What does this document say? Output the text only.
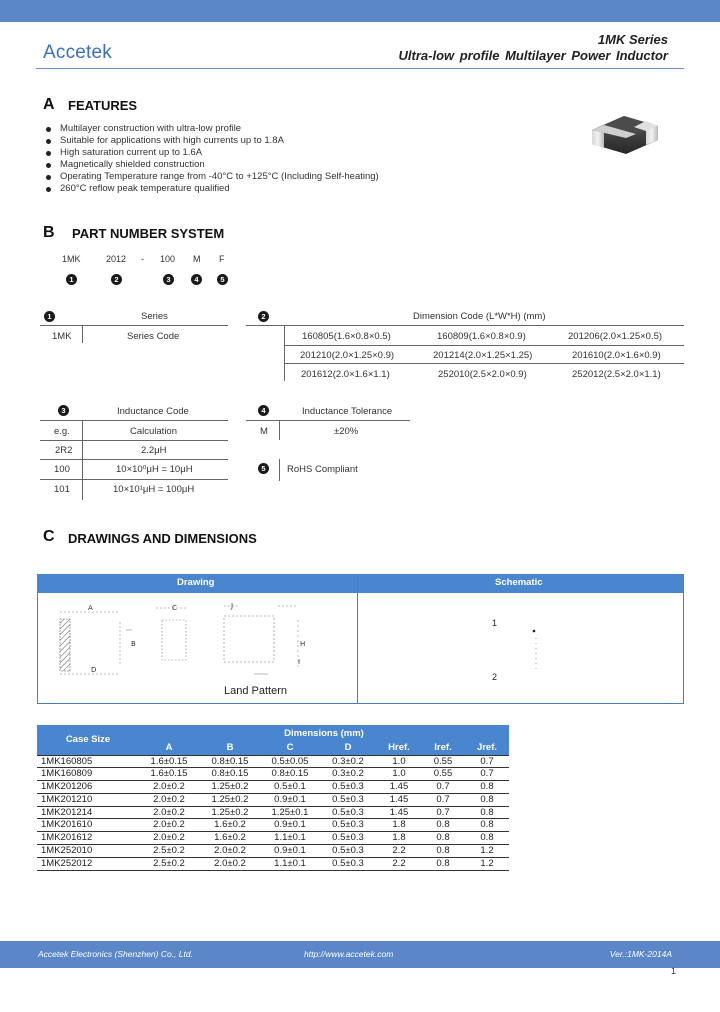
Accetek
1MK Series
Ultra-low profile Multilayer Power Inductor
A FEATURES
Multilayer construction with ultra-low profile
Suitable for applications with high currents up to 1.8A
High saturation current up to 1.6A
Magnetically shielded construction
Operating Temperature range from -40°C to +125°C (Including Self-heating)
260°C reflow peak temperature qualified
B PART NUMBER SYSTEM
1MK	2012 - 100 M F
1	2	3	4	5
1	Series
1MK	Series Code
2	Dimension Code (L*W*H) (mm)
160805(1.6×0.8×0.5)	160809(1.6×0.8×0.9)	201206(2.0×1.25×0.5)
201210(2.0×1.25×0.9)	201214(2.0×1.25×1.25)	201610(2.0×1.6×0.9)
201612(2.0×1.6×1.1)	252010(2.5×2.0×0.9)	252012(2.5×2.0×1.1)
3	Inductance Code
e.g.	Calculation
2R2	2.2μH
100	10×10⁰μH = 10μH
101	10×10¹μH = 100μH
4	Inductance Tolerance
M	±20%
5	RoHS Compliant
C DRAWINGS AND DIMENSIONS
Drawing	Schematic
A
B
C
D
H
I
J
Land Pattern
1
2
Case Size	Dimensions (mm)						
	A	B	C	D	Href.	Iref.	Jref.
1MK160805	1.6±0.15	0.8±0.15	0.5±0.05	0.3±0.2	1.0	0.55	0.7
1MK160809	1.6±0.15	0.8±0.15	0.8±0.15	0.3±0.2	1.0	0.55	0.7
1MK201206	2.0±0.2	1.25±0.2	0.5±0.1	0.5±0.3	1.45	0.7	0.8
1MK201210	2.0±0.2	1.25±0.2	0.9±0.1	0.5±0.3	1.45	0.7	0.8
1MK201214	2.0±0.2	1.25±0.2	1.25±0.1	0.5±0.3	1.45	0.7	0.8
1MK201610	2.0±0.2	1.6±0.2	0.9±0.1	0.5±0.3	1.8	0.8	0.8
1MK201612	2.0±0.2	1.6±0.2	1.1±0.1	0.5±0.3	1.8	0.8	0.8
1MK252010	2.5±0.2	2.0±0.2	0.9±0.1	0.5±0.3	2.2	0.8	1.2
1MK252012	2.5±0.2	2.0±0.2	1.1±0.1	0.5±0.3	2.2	0.8	1.2
Accetek Electronics (Shenzhen) Co., Ltd.	http://www.accetek.com	Ver.:1MK-2014A
1
